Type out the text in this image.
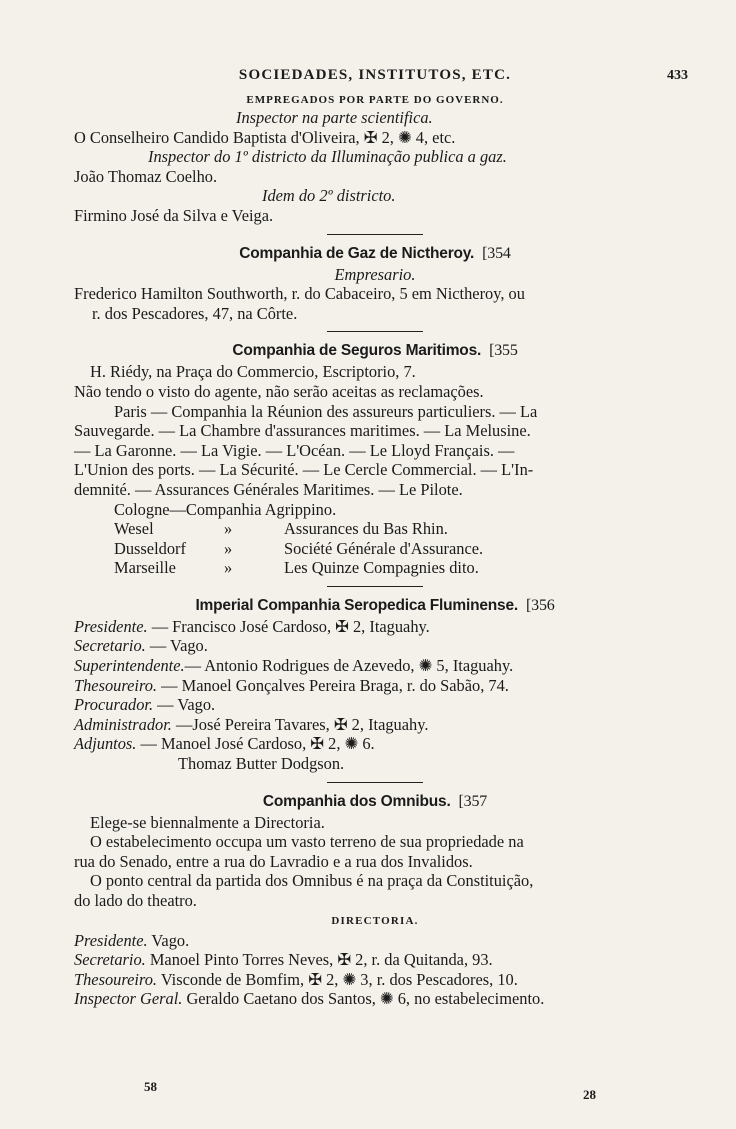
SOCIEDADES, INSTITUTOS, ETC.	433
EMPREGADOS POR PARTE DO GOVERNO.
Inspector na parte scientifica.
O Conselheiro Candido Baptista d'Oliveira, ✠ 2, ✺ 4, etc.
Inspector do 1º districto da Illuminação publica a gaz.
João Thomaz Coelho.
Idem do 2º districto.
Firmino José da Silva e Veiga.
Companhia de Gaz de Nictheroy. [354
Empresario.
Frederico Hamilton Southworth, r. do Cabaceiro, 5 em Nictheroy, ou
r. dos Pescadores, 47, na Côrte.
Companhia de Seguros Maritimos. [355
H. Riédy, na Praça do Commercio, Escriptorio, 7.
Não tendo o visto do agente, não serão aceitas as reclamações.
Paris — Companhia la Réunion des assureurs particuliers. — La
Sauvegarde. — La Chambre d'assurances maritimes. — La Melusine.
— La Garonne. — La Vigie. — L'Océan. — Le Lloyd Français. —
L'Union des ports. — La Sécurité. — Le Cercle Commercial. — L'In-
demnité. — Assurances Générales Maritimes. — Le Pilote.
Cologne—Companhia Agrippino.
Wesel	»	Assurances du Bas Rhin.
Dusseldorf	»	Société Générale d'Assurance.
Marseille	»	Les Quinze Compagnies dito.
Imperial Companhia Seropedica Fluminense. [356
Presidente. — Francisco José Cardoso, ✠ 2, Itaguahy.
Secretario. — Vago.
Superintendente.— Antonio Rodrigues de Azevedo, ✺ 5, Itaguahy.
Thesoureiro. — Manoel Gonçalves Pereira Braga, r. do Sabão, 74.
Procurador. — Vago.
Administrador. —José Pereira Tavares, ✠ 2, Itaguahy.
Adjuntos. — Manoel José Cardoso, ✠ 2, ✺ 6.
Thomaz Butter Dodgson.
Companhia dos Omnibus. [357
Elege-se biennalmente a Directoria.
O estabelecimento occupa um vasto terreno de sua propriedade na
rua do Senado, entre a rua do Lavradio e a rua dos Invalidos.
O ponto central da partida dos Omnibus é na praça da Constituição,
do lado do theatro.
DIRECTORIA.
Presidente. Vago.
Secretario. Manoel Pinto Torres Neves, ✠ 2, r. da Quitanda, 93.
Thesoureiro. Visconde de Bomfim, ✠ 2, ✺ 3, r. dos Pescadores, 10.
Inspector Geral. Geraldo Caetano dos Santos, ✺ 6, no estabelecimento.
58
28
